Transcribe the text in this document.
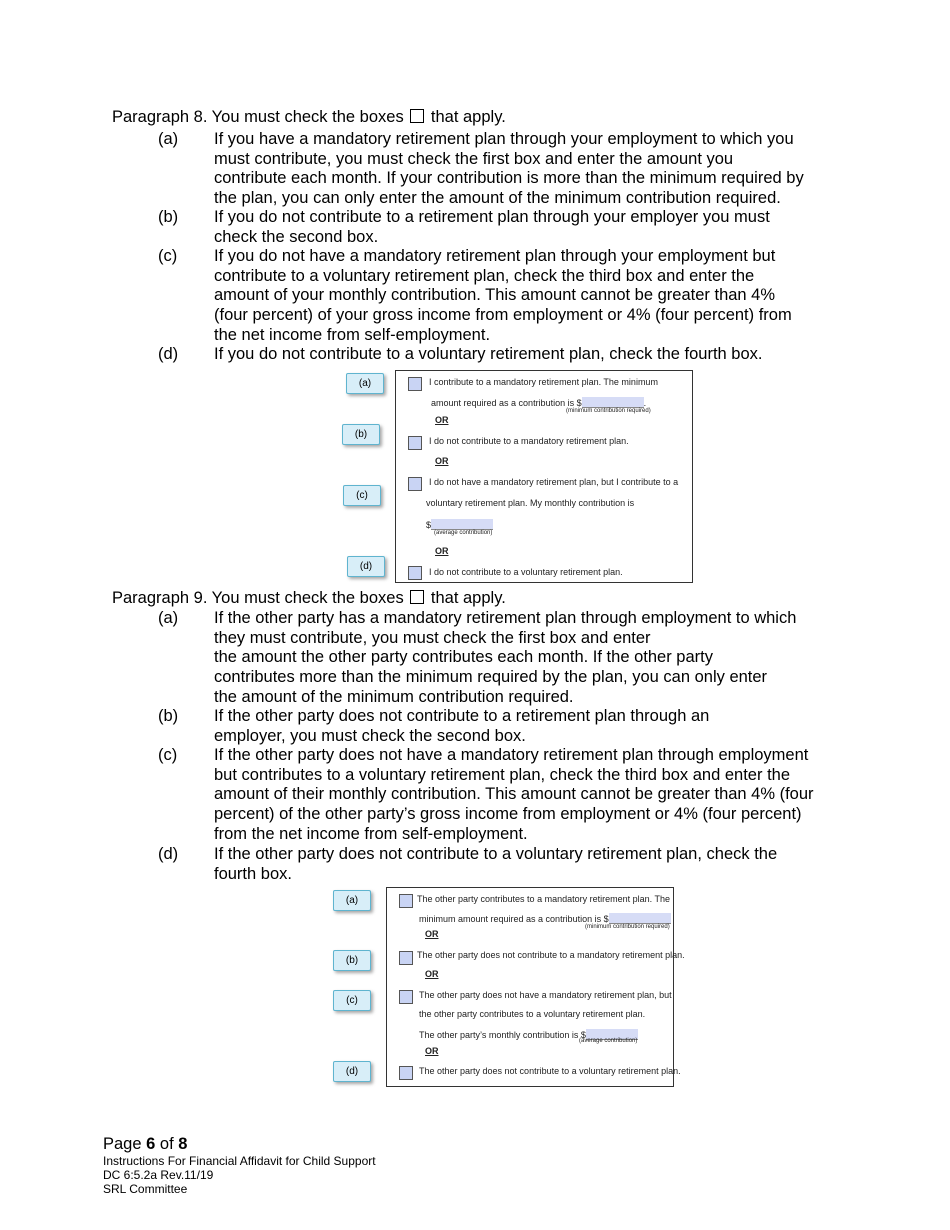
Paragraph 8. You must check the boxes that apply.
(a) If you have a mandatory retirement plan through your employment to which you
must contribute, you must check the first box and enter the amount you
contribute each month. If your contribution is more than the minimum required by
the plan, you can only enter the amount of the minimum contribution required.
(b) If you do not contribute to a retirement plan through your employer you must
check the second box.
(c) If you do not have a mandatory retirement plan through your employment but
contribute to a voluntary retirement plan, check the third box and enter the
amount of your monthly contribution. This amount cannot be greater than 4%
(four percent) of your gross income from employment or 4% (four percent) from
the net income from self-employment.
(d) If you do not contribute to a voluntary retirement plan, check the fourth box.
(a)
(b)
(c)
(d)
I contribute to a mandatory retirement plan. The minimum
amount required as a contribution is $	.
(minimum contribution required)
OR
I do not contribute to a mandatory retirement plan.
OR
I do not have a mandatory retirement plan, but I contribute to a
voluntary retirement plan. My monthly contribution is
$
(average contribution)
OR
I do not contribute to a voluntary retirement plan.
Paragraph 9. You must check the boxes that apply.
(a) If the other party has a mandatory retirement plan through employment to which
they must contribute, you must check the first box and enter
the amount the other party contributes each month. If the other party
contributes more than the minimum required by the plan, you can only enter
the amount of the minimum contribution required.
(b) If the other party does not contribute to a retirement plan through an
employer, you must check the second box.
(c) If the other party does not have a mandatory retirement plan through employment
but contributes to a voluntary retirement plan, check the third box and enter the
amount of their monthly contribution. This amount cannot be greater than 4% (four
percent) of the other party’s gross income from employment or 4% (four percent)
from the net income from self-employment.
(d) If the other party does not contribute to a voluntary retirement plan, check the
fourth box.
(a)
(b)
(c)
(d)
The other party contributes to a mandatory retirement plan. The
minimum amount required as a contribution is $
(minimum contribution required)
OR
The other party does not contribute to a mandatory retirement plan.
OR
The other party does not have a mandatory retirement plan, but
the other party contributes to a voluntary retirement plan.
The other party’s monthly contribution is $
(average contribution)
OR
The other party does not contribute to a voluntary retirement plan.
Page 6 of 8
Instructions For Financial Affidavit for Child Support
DC 6:5.2a Rev.11/19
SRL Committee
